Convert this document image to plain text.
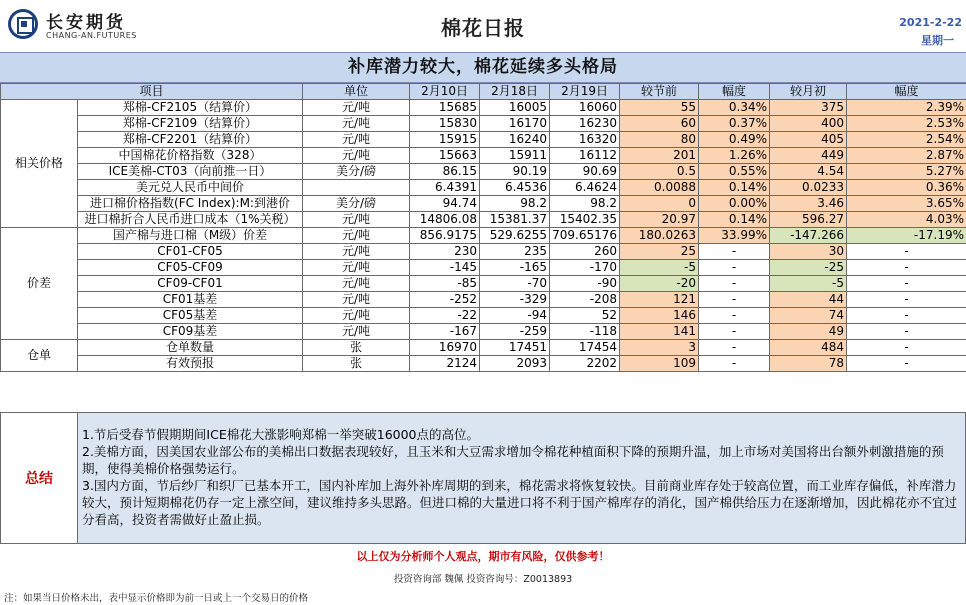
长安期货
CHANG-AN.FUTURES	棉花日报	2021-2-22
星期一
补库潜力较大，棉花延续多头格局
项目		单位	2月10日	2月18日	2月19日	较节前	幅度	较月初	幅度
相关价格	郑棉-CF2105（结算价）	元/吨	15685	16005	16060	55	0.34%	375	2.39%
	郑棉-CF2109（结算价）	元/吨	15830	16170	16230	60	0.37%	400	2.53%
	郑棉-CF2201（结算价）	元/吨	15915	16240	16320	80	0.49%	405	2.54%
	中国棉花价格指数（328）	元/吨	15663	15911	16112	201	1.26%	449	2.87%
	ICE美棉-CT03（向前推一日）	美分/磅	86.15	90.19	90.69	0.5	0.55%	4.54	5.27%
	美元兑人民币中间价		6.4391	6.4536	6.4624	0.0088	0.14%	0.0233	0.36%
	进口棉价格指数(FC Index):M:到港价	美分/磅	94.74	98.2	98.2	0	0.00%	3.46	3.65%
	进口棉折合人民币进口成本（1%关税）	元/吨	14806.08	15381.37	15402.35	20.97	0.14%	596.27	4.03%
价差	国产棉与进口棉（M级）价差	元/吨	856.9175	529.6255	709.65176	180.0263	33.99%	-147.266	-17.19%
	CF01-CF05	元/吨	230	235	260	25	-	30	-
	CF05-CF09	元/吨	-145	-165	-170	-5	-	-25	-
	CF09-CF01	元/吨	-85	-70	-90	-20	-	-5	-
	CF01基差	元/吨	-252	-329	-208	121	-	44	-
	CF05基差	元/吨	-22	-94	52	146	-	74	-
	CF09基差	元/吨	-167	-259	-118	141	-	49	-
仓单	仓单数量	张	16970	17451	17454	3	-	484	-
	有效预报	张	2124	2093	2202	109	-	78	-
总结

1.节后受春节假期期间ICE棉花大涨影响郑棉一举突破16000点的高位。

2.美棉方面，因美国农业部公布的美棉出口数据表现较好，且玉米和大豆需求增加令棉花种植面积下降的预期升温，加上市场对美国将出台额外刺激措施的预期，使得美棉价格强势运行。

3.国内方面，节后纱厂和织厂已基本开工，国内补库加上海外补库周期的到来，棉花需求将恢复较快。目前商业库存处于较高位置，而工业库存偏低，补库潜力较大，预计短期棉花仍存一定上涨空间，建议维持多头思路。但进口棉的大量进口将不利于国产棉库存的消化，国产棉供给压力在逐渐增加，因此棉花亦不宜过分看高，投资者需做好止盈止损。

以上仅为分析师个人观点，期市有风险，仅供参考！
投资咨询部 魏佩 投资咨询号：Z0013893
注：如果当日价格未出，表中显示价格即为前一日或上一个交易日的价格
